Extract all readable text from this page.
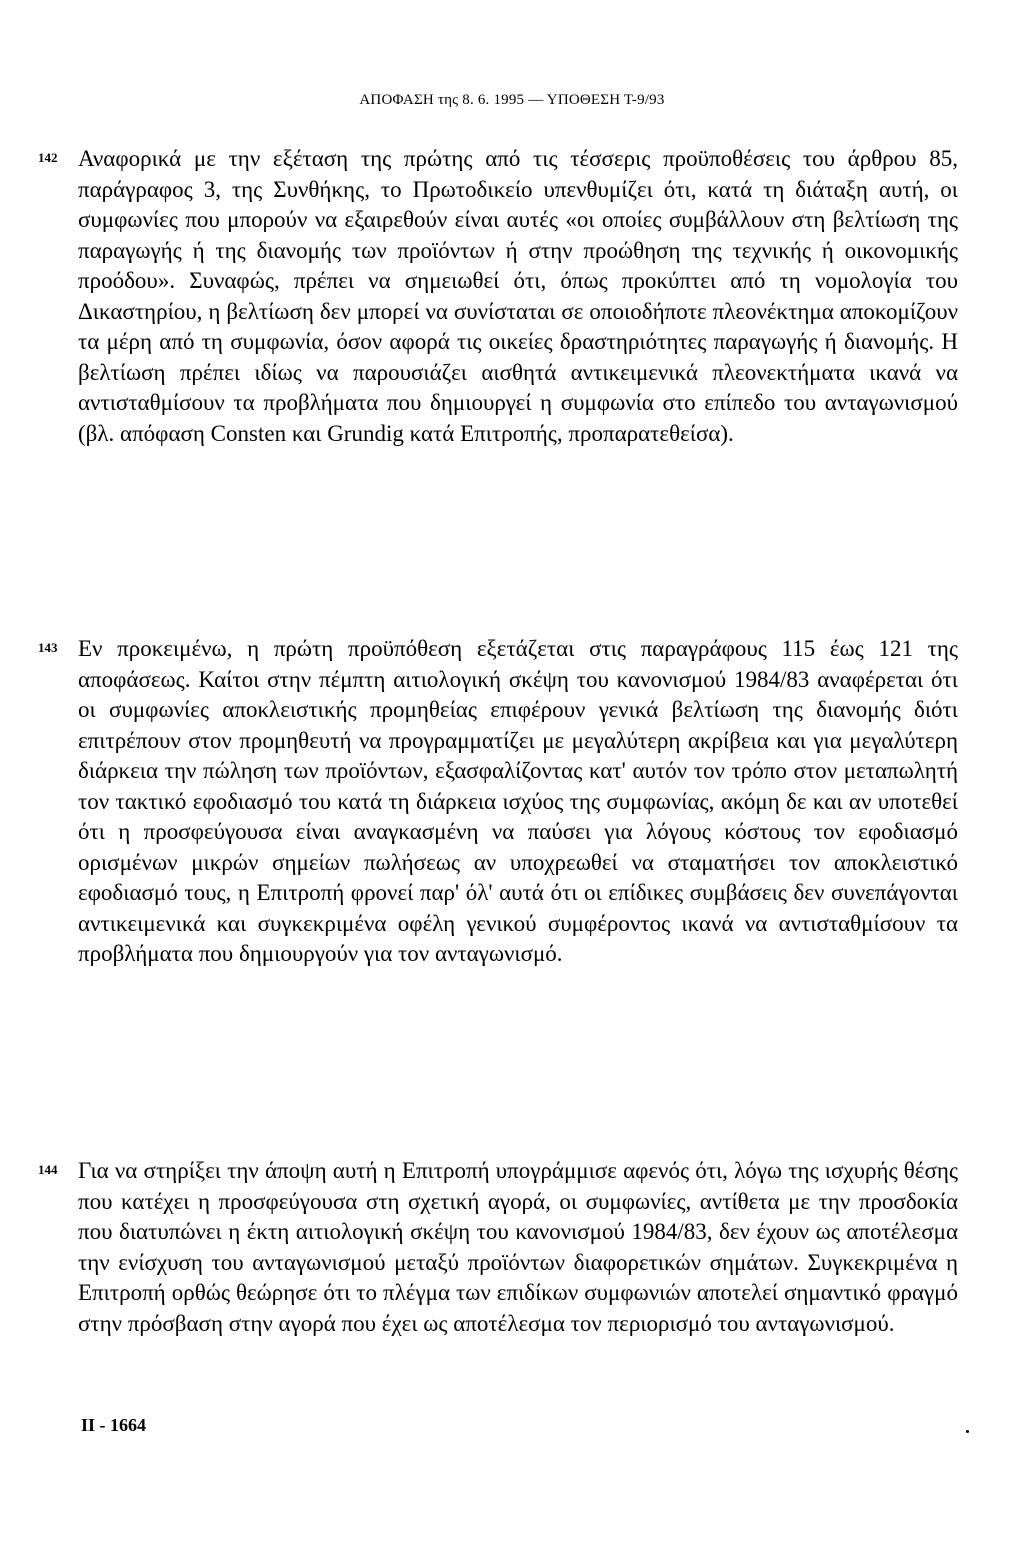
ΑΠΟΦΑΣΗ της 8. 6. 1995 — ΥΠΟΘΕΣΗ Τ-9/93
142 Αναφορικά με την εξέταση της πρώτης από τις τέσσερις προϋποθέσεις του άρθρου 85, παράγραφος 3, της Συνθήκης, το Πρωτοδικείο υπενθυμίζει ότι, κατά τη διάταξη αυτή, οι συμφωνίες που μπορούν να εξαιρεθούν είναι αυτές «οι οποίες συμβάλλουν στη βελτίωση της παραγωγής ή της διανομής των προϊόντων ή στην προώθηση της τεχνικής ή οικονομικής προόδου». Συναφώς, πρέπει να σημειωθεί ότι, όπως προκύπτει από τη νομολογία του Δικαστηρίου, η βελτίωση δεν μπορεί να συνίσταται σε οποιοδήποτε πλεονέκτημα αποκομίζουν τα μέρη από τη συμφωνία, όσον αφορά τις οικείες δραστηριότητες παραγωγής ή διανομής. Η βελτίωση πρέπει ιδίως να παρουσιάζει αισθητά αντικειμενικά πλεονεκτήματα ικανά να αντισταθμίσουν τα προβλήματα που δημιουργεί η συμφωνία στο επίπεδο του ανταγωνισμού (βλ. απόφαση Consten και Grundig κατά Επιτροπής, προπαρατεθείσα).
143 Εν προκειμένω, η πρώτη προϋπόθεση εξετάζεται στις παραγράφους 115 έως 121 της αποφάσεως. Καίτοι στην πέμπτη αιτιολογική σκέψη του κανονισμού 1984/83 αναφέρεται ότι οι συμφωνίες αποκλειστικής προμηθείας επιφέρουν γενικά βελτίωση της διανομής διότι επιτρέπουν στον προμηθευτή να προγραμματίζει με μεγαλύτερη ακρίβεια και για μεγαλύτερη διάρκεια την πώληση των προϊόντων, εξασφαλίζοντας κατ' αυτόν τον τρόπο στον μεταπωλητή τον τακτικό εφοδιασμό του κατά τη διάρκεια ισχύος της συμφωνίας, ακόμη δε και αν υποτεθεί ότι η προσφεύγουσα είναι αναγκασμένη να παύσει για λόγους κόστους τον εφοδιασμό ορισμένων μικρών σημείων πωλήσεως αν υποχρεωθεί να σταματήσει τον αποκλειστικό εφοδιασμό τους, η Επιτροπή φρονεί παρ' όλ' αυτά ότι οι επίδικες συμβάσεις δεν συνεπάγονται αντικειμενικά και συγκεκριμένα οφέλη γενικού συμφέροντος ικανά να αντισταθμίσουν τα προβλήματα που δημιουργούν για τον ανταγωνισμό.
144 Για να στηρίξει την άποψη αυτή η Επιτροπή υπογράμμισε αφενός ότι, λόγω της ισχυρής θέσης που κατέχει η προσφεύγουσα στη σχετική αγορά, οι συμφωνίες, αντίθετα με την προσδοκία που διατυπώνει η έκτη αιτιολογική σκέψη του κανονισμού 1984/83, δεν έχουν ως αποτέλεσμα την ενίσχυση του ανταγωνισμού μεταξύ προϊόντων διαφορετικών σημάτων. Συγκεκριμένα η Επιτροπή ορθώς θεώρησε ότι το πλέγμα των επιδίκων συμφωνιών αποτελεί σημαντικό φραγμό στην πρόσβαση στην αγορά που έχει ως αποτέλεσμα τον περιορισμό του ανταγωνισμού.
II - 1664
